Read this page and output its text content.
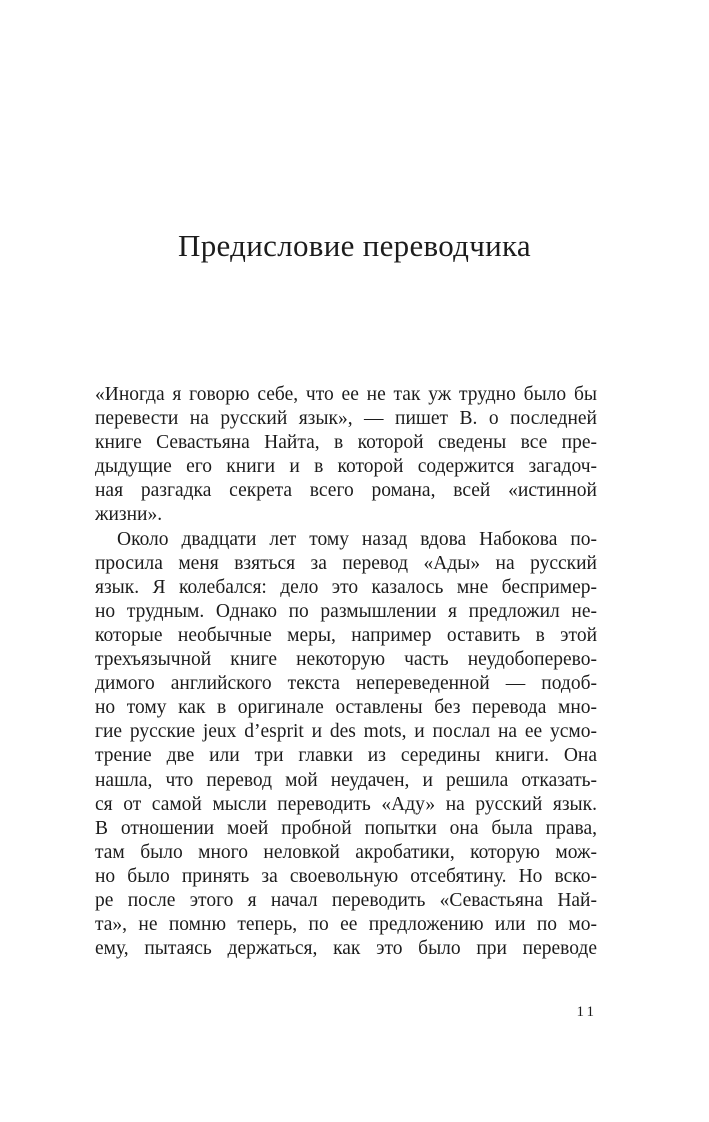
Предисловие переводчика
«Иногда я говорю себе, что ее не так уж трудно было бы
перевести на русский язык», — пишет В. о последней
книге Севастьяна Найта, в которой сведены все пре-
дыдущие его книги и в которой содержится загадоч-
ная разгадка секрета всего романа, всей «истинной
жизни».
Около двадцати лет тому назад вдова Набокова по-
просила меня взяться за перевод «Ады» на русский
язык. Я колебался: дело это казалось мне беспример-
но трудным. Однако по размышлении я предложил не-
которые необычные меры, например оставить в этой
трехъязычной книге некоторую часть неудобоперево-
димого английского текста непереведенной — подоб-
но тому как в оригинале оставлены без перевода мно-
гие русские jeux d’esprit и des mots, и послал на ее усмо-
трение две или три главки из середины книги. Она
нашла, что перевод мой неудачен, и решила отказать-
ся от самой мысли переводить «Аду» на русский язык.
В отношении моей пробной попытки она была права,
там было много неловкой акробатики, которую мож-
но было принять за своевольную отсебятину. Но вско-
ре после этого я начал переводить «Севастьяна Най-
та», не помню теперь, по ее предложению или по мо-
ему, пытаясь держаться, как это было при переводе
11
